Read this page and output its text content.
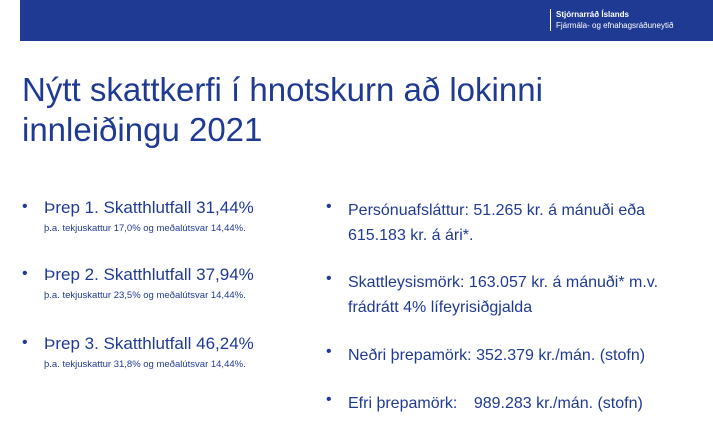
Stjórnarráð Íslands
Fjármála- og efnahagsráðuneytið
Nýtt skattkerfi í hnotskurn að lokinni
innleiðingu 2021
• Þrep 1. Skatthlutfall 31,44%
þ.a. tekjuskattur 17,0% og meðalútsvar 14,44%.
• Þrep 2. Skatthlutfall 37,94%
þ.a. tekjuskattur 23,5% og meðalútsvar 14,44%.
• Þrep 3. Skatthlutfall 46,24%
þ.a. tekjuskattur 31,8% og meðalútsvar 14,44%.
• Persónuafsláttur: 51.265 kr. á mánuði eða
615.183 kr. á ári*.
• Skattleysismörk: 163.057 kr. á mánuði* m.v.
frádrátt 4% lífeyrisiðgjalda
• Neðri þrepamörk: 352.379 kr./mán. (stofn)
• Efri þrepamörk: 989.283 kr./mán. (stofn)
